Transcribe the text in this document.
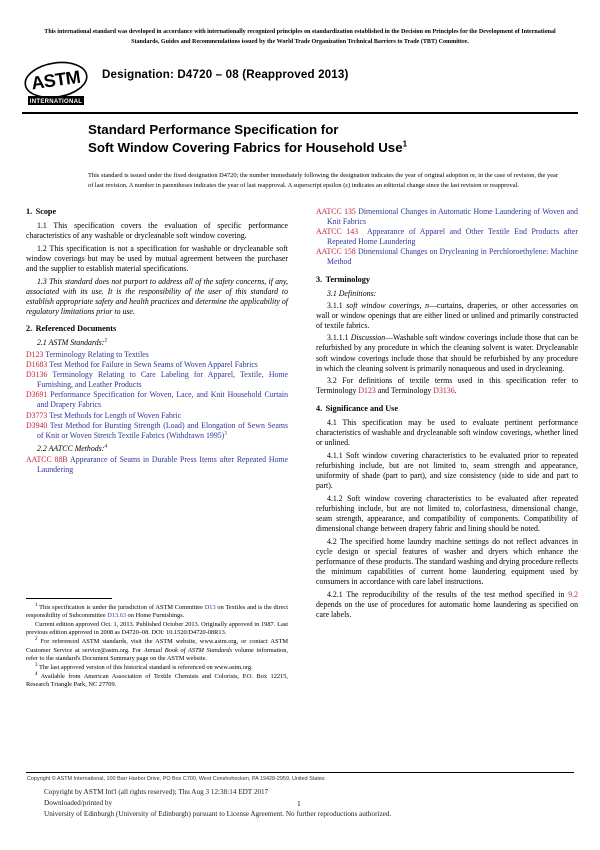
This international standard was developed in accordance with internationally recognized principles on standardization established in the Decision on Principles for the Development of International Standards, Guides and Recommendations issued by the World Trade Organization Technical Barriers to Trade (TBT) Committee.
ASTM
INTERNATIONAL
Designation: D4720 – 08 (Reapproved 2013)
Standard Performance Specification for
Soft Window Covering Fabrics for Household Use$^1$
This standard is issued under the fixed designation D4720; the number immediately following the designation indicates the year of original adoption or, in the case of revision, the year of last revision. A number in parentheses indicates the year of last reapproval. A superscript epsilon (ε) indicates an editorial change since the last revision or reapproval.
1. Scope

1.1 This specification covers the evaluation of specific performance characteristics of any washable or drycleanable soft window covering.

1.2 This specification is not a specification for washable or drycleanable soft window coverings but may be used by mutual agreement between the purchaser and the supplier to establish material specifications.

1.3 This standard does not purport to address all of the safety concerns, if any, associated with its use. It is the responsibility of the user of this standard to establish appropriate safety and health practices and determine the applicability of regulatory limitations prior to use.

2. Referenced Documents

2.1 ASTM Standards:$^2$

D123 Terminology Relating to Textiles

D1683 Test Method for Failure in Sewn Seams of Woven Apparel Fabrics

D3136 Terminology Relating to Care Labeling for Apparel, Textile, Home Furnishing, and Leather Products

D3691 Performance Specification for Woven, Lace, and Knit Household Curtain and Drapery Fabrics

D3773 Test Methods for Length of Woven Fabric

D3940 Test Method for Bursting Strength (Load) and Elongation of Sewn Seams of Knit or Woven Stretch Textile Fabrics (Withdrawn 1995)$^3$

2.2 AATCC Methods:$^4$

AATCC 88B Appearance of Seams in Durable Press Items after Repeated Home Laundering

AATCC 135 Dimensional Changes in Automatic Home Laundering of Woven and Knit Fabrics

AATCC 143 Appearance of Apparel and Other Textile End Products after Repeated Home Laundering

AATCC 158 Dimensional Changes on Drycleaning in Perchloroethylene: Machine Method

3. Terminology

3.1 Definitions:

3.1.1 soft window coverings, n—curtains, draperies, or other accessories on wall or window openings that are either lined or unlined and primarily constructed of textile fabrics.

3.1.1.1 Discussion—Washable soft window coverings include those that can be refurbished by any procedure in which the cleaning solvent is water. Drycleanable soft window coverings include those that should be refurbished by any procedure in which the cleaning solvent is primarily nonaqueous and used in drycleaning.

3.2 For definitions of textile terms used in this specification refer to Terminology D123 and Terminology D3136.

4. Significance and Use

4.1 This specification may be used to evaluate pertinent performance characteristics of washable and drycleanable soft window coverings, whether lined or unlined.

4.1.1 Soft window covering characteristics to be evaluated prior to repeated refurbishing include, but are not limited to, seam strength and appearance, uniformity of shade (part to part), and size consistency (side to side and part to part).

4.1.2 Soft window covering characteristics to be evaluated after repeated refurbishing include, but are not limited to, colorfastness, dimensional change, seam strength, appearance, and compatibility of components. Compatibility of dimensional change between drapery fabric and lining should be noted.

4.2 The specified home laundry machine settings do not reflect advances in cycle design or special features of washer and dryers which enhance the performance of these products. The standard washing and drying procedure reflects the minimum capabilities of current home laundering equipment used by consumers in accordance with care label instructions.

4.2.1 The reproducibility of the results of the test method specified in 9.2 depends on the use of procedures for automatic home laundering as specified on care labels.

$^1$ This specification is under the jurisdiction of ASTM Committee D13 on Textiles and is the direct responsibility of Subcommittee D13.63 on Home Furnishings.

Current edition approved Oct. 1, 2013. Published October 2013. Originally approved in 1987. Last previous edition approved in 2008 as D4720–08. DOI: 10.1520/D4720-08R13.

$^2$ For referenced ASTM standards, visit the ASTM website, www.astm.org, or contact ASTM Customer Service at service@astm.org. For Annual Book of ASTM Standards volume information, refer to the standard's Document Summary page on the ASTM website.

$^3$ The last approved version of this historical standard is referenced on www.astm.org.

$^4$ Available from American Association of Textile Chemists and Colorists, P.O. Box 12215, Research Triangle Park, NC 27709.

Copyright © ASTM International, 100 Barr Harbor Drive, PO Box C700, West Conshohocken, PA 19428-2959, United States
Copyright by ASTM Int'l (all rights reserved); Thu Aug 3 12:38:14 EDT 2017
Downloaded/printed by
University of Edinburgh (University of Edinburgh) pursuant to License Agreement. No further reproductions authorized.
1
